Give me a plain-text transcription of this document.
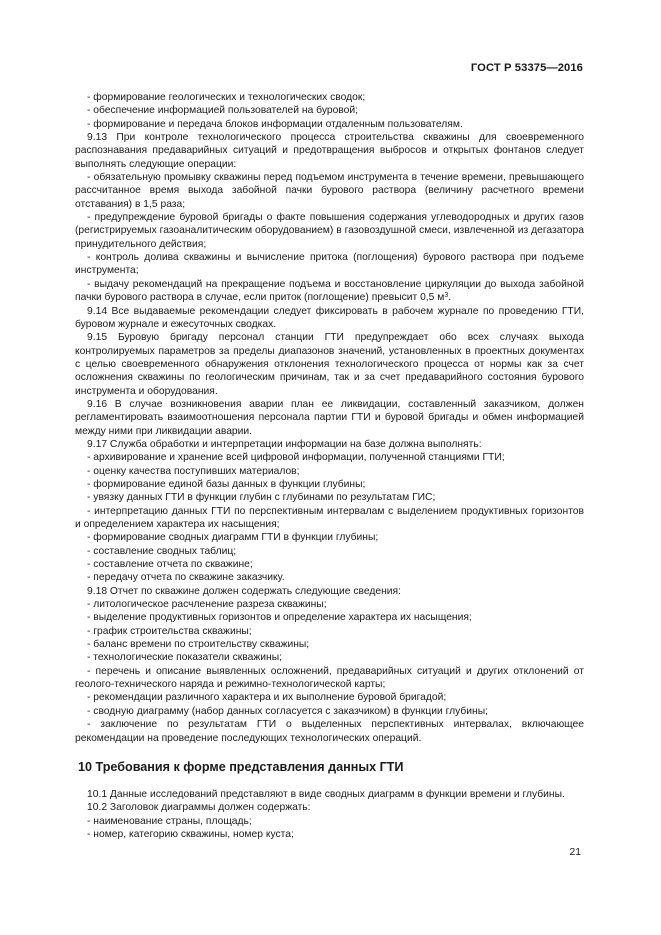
ГОСТ Р 53375—2016
- формирование геологических и технологических сводок;
- обеспечение информацией пользователей на буровой;
- формирование и передача блоков информации отдаленным пользователям.
9.13 При контроле технологического процесса строительства скважины для своевременного распознавания предаварийных ситуаций и предотвращения выбросов и открытых фонтанов следует выполнять следующие операции:
- обязательную промывку скважины перед подъемом инструмента в течение времени, превышающего рассчитанное время выхода забойной пачки бурового раствора (величину расчетного времени отставания) в 1,5 раза;
- предупреждение буровой бригады о факте повышения содержания углеводородных и других газов (регистрируемых газоаналитическим оборудованием) в газовоздушной смеси, извлеченной из дегазатора принудительного действия;
- контроль долива скважины и вычисление притока (поглощения) бурового раствора при подъеме инструмента;
- выдачу рекомендаций на прекращение подъема и восстановление циркуляции до выхода забойной пачки бурового раствора в случае, если приток (поглощение) превысит 0,5 $м^3$.
9.14 Все выдаваемые рекомендации следует фиксировать в рабочем журнале по проведению ГТИ, буровом журнале и ежесуточных сводках.
9.15 Буровую бригаду персонал станции ГТИ предупреждает обо всех случаях выхода контролируемых параметров за пределы диапазонов значений, установленных в проектных документах с целью своевременного обнаружения отклонения технологического процесса от нормы как за счет осложнения скважины по геологическим причинам, так и за счет предаварийного состояния бурового инструмента и оборудования.
9.16 В случае возникновения аварии план ее ликвидации, составленный заказчиком, должен регламентировать взаимоотношения персонала партии ГТИ и буровой бригады и обмен информацией между ними при ликвидации аварии.
9.17 Служба обработки и интерпретации информации на базе должна выполнять:
- архивирование и хранение всей цифровой информации, полученной станциями ГТИ;
- оценку качества поступивших материалов;
- формирование единой базы данных в функции глубины;
- увязку данных ГТИ в функции глубин с глубинами по результатам ГИС;
- интерпретацию данных ГТИ по перспективным интервалам с выделением продуктивных горизонтов и определением характера их насыщения;
- формирование сводных диаграмм ГТИ в функции глубины;
- составление сводных таблиц;
- составление отчета по скважине;
- передачу отчета по скважине заказчику.
9.18 Отчет по скважине должен содержать следующие сведения:
- литологическое расчленение разреза скважины;
- выделение продуктивных горизонтов и определение характера их насыщения;
- график строительства скважины;
- баланс времени по строительству скважины;
- технологические показатели скважины;
- перечень и описание выявленных осложнений, предаварийных ситуаций и других отклонений от геолого-технического наряда и режимно-технологической карты;
- рекомендации различного характера и их выполнение буровой бригадой;
- сводную диаграмму (набор данных согласуется с заказчиком) в функции глубины;
- заключение по результатам ГТИ о выделенных перспективных интервалах, включающее рекомендации на проведение последующих технологических операций.
10 Требования к форме представления данных ГТИ
10.1 Данные исследований представляют в виде сводных диаграмм в функции времени и глубины.
10.2 Заголовок диаграммы должен содержать:
- наименование страны, площадь;
- номер, категорию скважины, номер куста;
21
